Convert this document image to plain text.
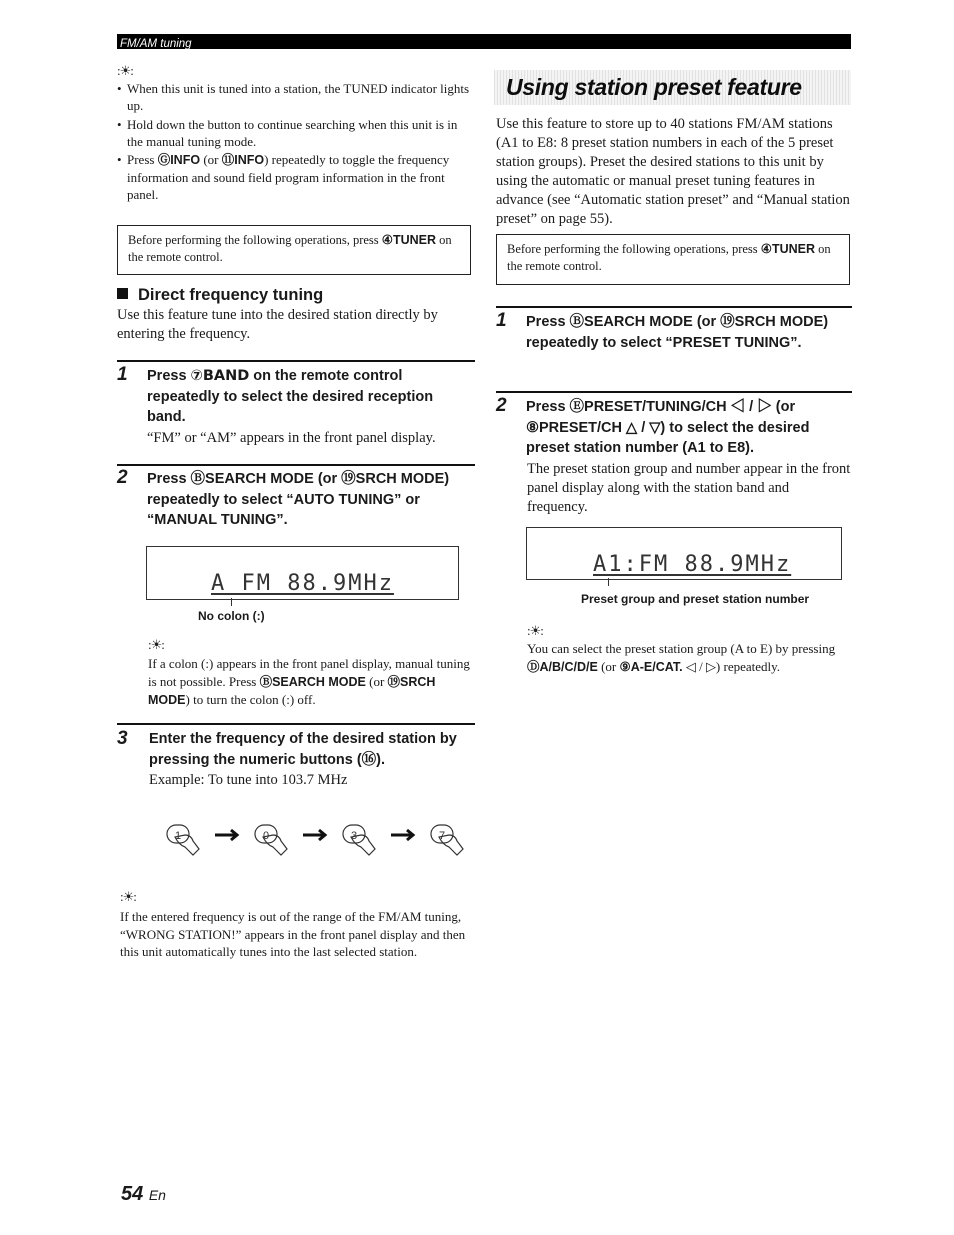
FM/AM tuning
:☀:
• When this unit is tuned into a station, the TUNED indicator lights up.
• Hold down the button to continue searching when this unit is in the manual tuning mode.
• Press ⒼINFO (or ⑪INFO) repeatedly to toggle the frequency information and sound field program information in the front panel.
Before performing the following operations, press ④TUNER on the remote control.
Direct frequency tuning
Use this feature tune into the desired station directly by entering the frequency.
1 Press ⑦BAND on the remote control repeatedly to select the desired reception band.
“FM” or “AM” appears in the front panel display.
2 Press ⒷSEARCH MODE (or ⑲SRCH MODE) repeatedly to select “AUTO TUNING” or “MANUAL TUNING”.
A FM 88.9MHz
No colon (:)
:☀:
If a colon (:) appears in the front panel display, manual tuning is not possible. Press ⒷSEARCH MODE (or ⑲SRCH MODE) to turn the colon (:) off.
3 Enter the frequency of the desired station by pressing the numeric buttons (⑯).
Example: To tune into 103.7 MHz
1	0	3	7
:☀:
If the entered frequency is out of the range of the FM/AM tuning, “WRONG STATION!” appears in the front panel display and then this unit automatically tunes into the last selected station.
Using station preset feature
Use this feature to store up to 40 stations FM/AM stations (A1 to E8: 8 preset station numbers in each of the 5 preset station groups). Preset the desired stations to this unit by using the automatic or manual preset tuning features in advance (see “Automatic station preset” and “Manual station preset” on page 55).
Before performing the following operations, press ④TUNER on the remote control.
1 Press ⒷSEARCH MODE (or ⑲SRCH MODE) repeatedly to select “PRESET TUNING”.
2 Press ⒺPRESET/TUNING/CH ◁ / ▷ (or
⑧PRESET/CH △ / ▽) to select the desired
preset station number (A1 to E8).
The preset station group and number appear in the front panel display along with the station band and frequency.
A1:FM 88.9MHz
Preset group and preset station number
:☀:
You can select the preset station group (A to E) by pressing ⒹA/B/C/D/E (or ⑨A-E/CAT. ◁ / ▷) repeatedly.
54 En
